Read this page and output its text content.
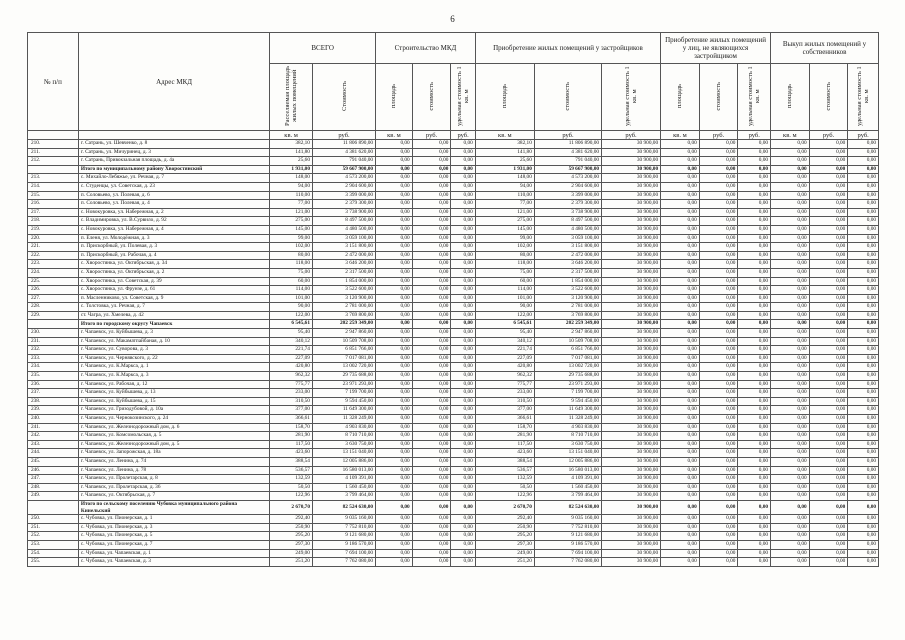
6
№ п/п	Адрес МКД	ВСЕГО		Строительство МКД			Приобретение жилых помещений у застройщиков			Приобретение жилых помещений у лиц, не являющихся застройщиком			Выкуп жилых помещений у собственников		
		Расселяемая площадь жилых помещений	Стоимость	площадь	стоимость	удельная стоимость 1 кв. м	площадь	стоимость	удельная стоимость 1 кв. м	площадь	стоимость	удельная стоимость 1 кв. м	площадь	стоимость	удельная стоимость 1 кв. м
		кв. м	руб.	кв. м	руб.	руб.	кв. м	руб.	руб.	кв. м	руб.	руб.	кв. м	руб.	руб.
210.	г. Сатрань, ул. Шевченко, д. 8	382,10	11 806 890,00	0,00	0,00	0,00	382,10	11 806 890,00	30 900,00	0,00	0,00	0,00	0,00	0,00	0,00
211.	г. Сатрань, ул. Мичуринец, д. 3	141,80	4 381 620,00	0,00	0,00	0,00	141,80	4 381 620,00	30 900,00	0,00	0,00	0,00	0,00	0,00	0,00
212.	г. Сатрань, Привокзальная площадь, д. 4а	25,60	791 040,00	0,00	0,00	0,00	25,60	791 040,00	30 900,00	0,00	0,00	0,00	0,00	0,00	0,00
	Итого по муниципальному району Хворостянский	1 931,00	59 667 900,00	0,00	0,00	0,00	1 931,00	59 667 900,00	30 900,00	0,00	0,00	0,00	0,00	0,00	0,00
213.	с. Михайло-Лебяжье, ул. Речная, д. 7	148,00	4 573 200,00	0,00	0,00	0,00	148,00	4 573 200,00	30 900,00	0,00	0,00	0,00	0,00	0,00	0,00
214.	с. Студенцы, ул. Советская, д. 23	94,00	2 904 600,00	0,00	0,00	0,00	94,00	2 904 600,00	30 900,00	0,00	0,00	0,00	0,00	0,00	0,00
215.	п. Соловьево, ул. Полевая, д. 6	110,00	3 399 000,00	0,00	0,00	0,00	110,00	3 399 000,00	30 900,00	0,00	0,00	0,00	0,00	0,00	0,00
216.	п. Соловьево, ул. Полевая, д. 4	77,00	2 379 300,00	0,00	0,00	0,00	77,00	2 379 300,00	30 900,00	0,00	0,00	0,00	0,00	0,00	0,00
217.	с. Новокуровка, ул. Набережная, д. 2	121,00	3 738 900,00	0,00	0,00	0,00	121,00	3 738 900,00	30 900,00	0,00	0,00	0,00	0,00	0,00	0,00
218.	с. Владимировка, ул. В.Сурвило, д. 92	275,00	8 497 500,00	0,00	0,00	0,00	275,00	8 497 500,00	30 900,00	0,00	0,00	0,00	0,00	0,00	0,00
219.	с. Новокуровка, ул. Набережная, д. 4	145,00	4 480 500,00	0,00	0,00	0,00	145,00	4 480 500,00	30 900,00	0,00	0,00	0,00	0,00	0,00	0,00
220.	п. Еленя, ул. Молодёжная, д. 3	99,00	3 059 100,00	0,00	0,00	0,00	99,00	3 059 100,00	30 900,00	0,00	0,00	0,00	0,00	0,00	0,00
221.	п. Прискорбный, ул. Полевая, д. 3	102,00	3 151 800,00	0,00	0,00	0,00	102,00	3 151 800,00	30 900,00	0,00	0,00	0,00	0,00	0,00	0,00
222.	п. Прискорбный, ул. Рабочая, д. 4	80,00	2 472 000,00	0,00	0,00	0,00	80,00	2 472 000,00	30 900,00	0,00	0,00	0,00	0,00	0,00	0,00
223.	с. Хворостянка, ул. Октябрьская, д. 34	118,00	3 646 200,00	0,00	0,00	0,00	118,00	3 646 200,00	30 900,00	0,00	0,00	0,00	0,00	0,00	0,00
224.	с. Хворостянка, ул. Октябрьская, д. 2	75,00	2 317 500,00	0,00	0,00	0,00	75,00	2 317 500,00	30 900,00	0,00	0,00	0,00	0,00	0,00	0,00
225.	с. Хворостянка, ул. Советская, д. 39	60,00	1 854 000,00	0,00	0,00	0,00	60,00	1 854 000,00	30 900,00	0,00	0,00	0,00	0,00	0,00	0,00
226.	с. Хворостянка, ул. Фрунзе, д. 61	114,00	3 522 600,00	0,00	0,00	0,00	114,00	3 522 600,00	30 900,00	0,00	0,00	0,00	0,00	0,00	0,00
227.	п. Масленниково, ул. Советская, д. 9	101,00	3 120 900,00	0,00	0,00	0,00	101,00	3 120 900,00	30 900,00	0,00	0,00	0,00	0,00	0,00	0,00
228.	с. Толстовка, ул. Речная, д. 7	90,00	2 781 000,00	0,00	0,00	0,00	90,00	2 781 000,00	30 900,00	0,00	0,00	0,00	0,00	0,00	0,00
229.	ст. Чагра, ул. Хмелева, д. 42	122,00	3 769 800,00	0,00	0,00	0,00	122,00	3 769 800,00	30 900,00	0,00	0,00	0,00	0,00	0,00	0,00
	Итого по городскому округу Чапаевск	6 545,61	202 259 349,00	0,00	0,00	0,00	6 545,61	202 259 349,00	30 900,00	0,00	0,00	0,00	0,00	0,00	0,00
230.	г. Чапаевск, ул. Куйбышева, д. 3	95,40	2 947 860,00	0,00	0,00	0,00	95,40	2 947 860,00	30 900,00	0,00	0,00	0,00	0,00	0,00	0,00
231.	г. Чапаевск, ул. Макаматпайбаная, д. 10	340,12	10 509 708,00	0,00	0,00	0,00	340,12	10 509 708,00	30 900,00	0,00	0,00	0,00	0,00	0,00	0,00
232.	г. Чапаевск, ул. Суворова, д. 3	221,74	6 851 766,00	0,00	0,00	0,00	221,74	6 851 766,00	30 900,00	0,00	0,00	0,00	0,00	0,00	0,00
233.	г. Чапаевск, ул. Чернявского, д. 22	227,09	7 017 081,00	0,00	0,00	0,00	227,09	7 017 081,00	30 900,00	0,00	0,00	0,00	0,00	0,00	0,00
234.	г. Чапаевск, ул. К.Маркса, д. 1	420,80	13 002 720,00	0,00	0,00	0,00	420,80	13 002 720,00	30 900,00	0,00	0,00	0,00	0,00	0,00	0,00
235.	г. Чапаевск, ул. К.Маркса, д. 3	962,32	29 735 688,00	0,00	0,00	0,00	962,32	29 735 688,00	30 900,00	0,00	0,00	0,00	0,00	0,00	0,00
236.	г. Чапаевск, ул. Рабочая, д. 12	775,77	23 971 293,00	0,00	0,00	0,00	775,77	23 971 293,00	30 900,00	0,00	0,00	0,00	0,00	0,00	0,00
237.	г. Чапаевск, ул. Куйбышева, д. 13	233,00	7 199 700,00	0,00	0,00	0,00	233,00	7 199 700,00	30 900,00	0,00	0,00	0,00	0,00	0,00	0,00
238.	г. Чапаевск, ул. Куйбышева, д. 15	310,50	9 594 450,00	0,00	0,00	0,00	310,50	9 594 450,00	30 900,00	0,00	0,00	0,00	0,00	0,00	0,00
239.	г. Чапаевск, ул. Гризодубовой, д. 10а	377,00	11 649 300,00	0,00	0,00	0,00	377,00	11 649 300,00	30 900,00	0,00	0,00	0,00	0,00	0,00	0,00
240.	г. Чапаевск, ул. Чернокозинского, д. 24	366,61	11 328 249,00	0,00	0,00	0,00	366,61	11 328 249,00	30 900,00	0,00	0,00	0,00	0,00	0,00	0,00
241.	г. Чапаевск, ул. Железнодорожный дом, д. 6	158,70	4 903 830,00	0,00	0,00	0,00	158,70	4 903 830,00	30 900,00	0,00	0,00	0,00	0,00	0,00	0,00
242.	г. Чапаевск, ул. Комсомольская, д. 5	281,90	8 710 710,00	0,00	0,00	0,00	281,90	8 710 710,00	30 900,00	0,00	0,00	0,00	0,00	0,00	0,00
243.	г. Чапаевск, ул. Железнодорожный дом, д. 5	117,50	3 630 750,00	0,00	0,00	0,00	117,50	3 630 750,00	30 900,00	0,00	0,00	0,00	0,00	0,00	0,00
244.	г. Чапаевск, ул. Запорожская, д. 18а	423,60	13 151 040,00	0,00	0,00	0,00	423,60	13 151 040,00	30 900,00	0,00	0,00	0,00	0,00	0,00	0,00
245.	г. Чапаевск, ул. Ленина, д. 74	388,54	12 005 886,00	0,00	0,00	0,00	388,54	12 005 886,00	30 900,00	0,00	0,00	0,00	0,00	0,00	0,00
246.	г. Чапаевск, ул. Ленина, д. 78	536,57	16 580 013,00	0,00	0,00	0,00	536,57	16 580 013,00	30 900,00	0,00	0,00	0,00	0,00	0,00	0,00
247.	г. Чапаевск, ул. Пролетарская, д. 8	132,59	4 109 391,00	0,00	0,00	0,00	132,59	4 109 391,00	30 900,00	0,00	0,00	0,00	0,00	0,00	0,00
248.	г. Чапаевск, ул. Пролетарская, д. 36	50,50	1 560 450,00	0,00	0,00	0,00	50,50	1 560 450,00	30 900,00	0,00	0,00	0,00	0,00	0,00	0,00
249.	г. Чапаевск, ул. Октябрьская, д. 7	122,96	3 799 464,00	0,00	0,00	0,00	122,96	3 799 464,00	30 900,00	0,00	0,00	0,00	0,00	0,00	0,00
	Итого по сельскому поселению Чубовка муниципального района Кинельский	2 670,70	82 524 630,00	0,00	0,00	0,00	2 670,70	82 524 630,00	30 900,00	0,00	0,00	0,00	0,00	0,00	0,00
250.	с. Чубовка, ул. Пионерская, д. 1	292,40	9 035 160,00	0,00	0,00	0,00	292,40	9 035 160,00	30 900,00	0,00	0,00	0,00	0,00	0,00	0,00
251.	с. Чубовка, ул. Пионерская, д. 3	250,90	7 752 810,00	0,00	0,00	0,00	250,90	7 752 810,00	30 900,00	0,00	0,00	0,00	0,00	0,00	0,00
252.	с. Чубовка, ул. Пионерская, д. 5	295,20	9 121 680,00	0,00	0,00	0,00	295,20	9 121 680,00	30 900,00	0,00	0,00	0,00	0,00	0,00	0,00
253.	с. Чубовка, ул. Пионерская, д. 7	297,30	9 186 570,00	0,00	0,00	0,00	297,30	9 186 570,00	30 900,00	0,00	0,00	0,00	0,00	0,00	0,00
254.	с. Чубовка, ул. Чапаевская, д. 1	249,00	7 694 100,00	0,00	0,00	0,00	249,00	7 694 100,00	30 900,00	0,00	0,00	0,00	0,00	0,00	0,00
255.	с. Чубовка, ул. Чапаевская, д. 3	251,20	7 762 080,00	0,00	0,00	0,00	251,20	7 762 080,00	30 900,00	0,00	0,00	0,00	0,00	0,00	0,00
